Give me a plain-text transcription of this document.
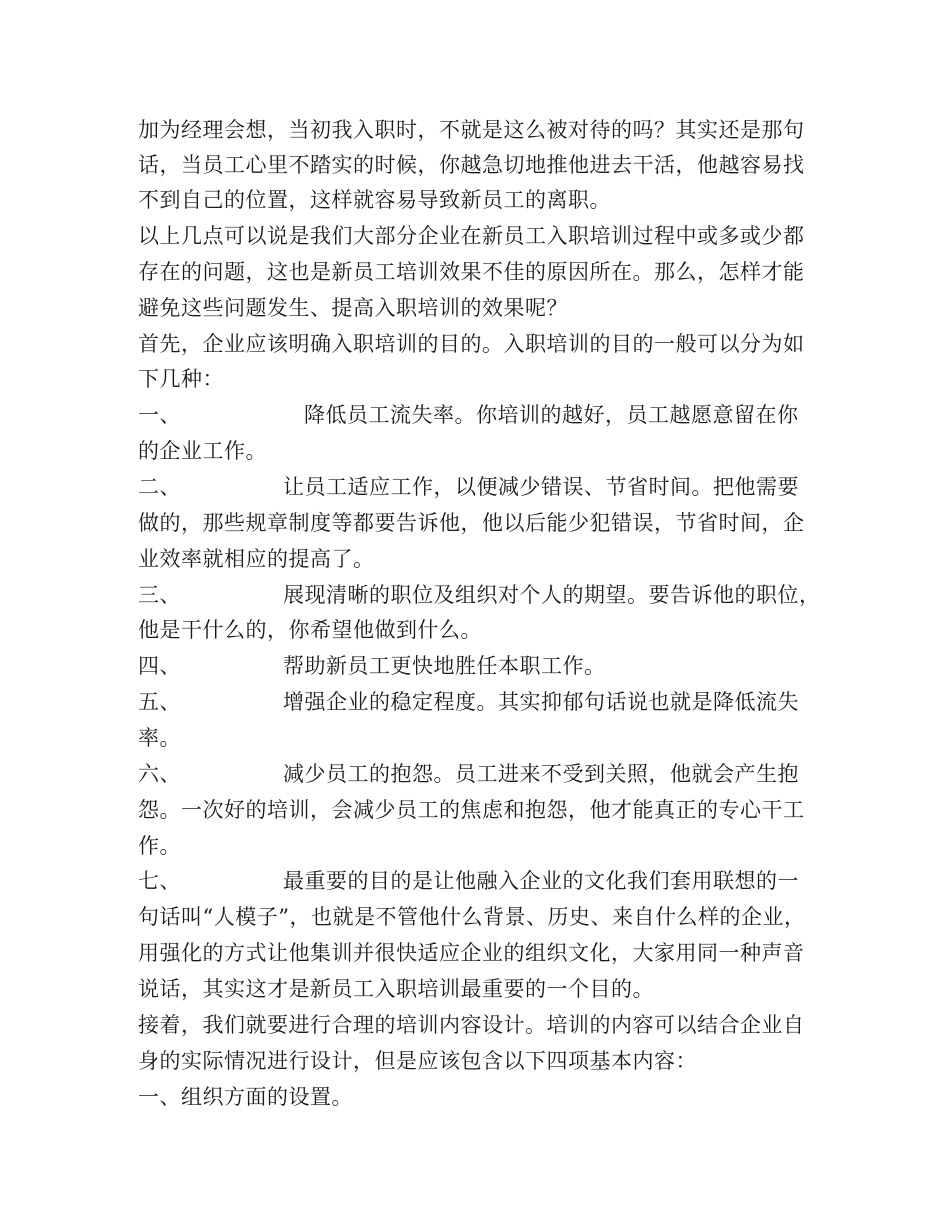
加为经理会想，当初我入职时，不就是这么被对待的吗？其实还是那句
话，当员工心里不踏实的时候，你越急切地推他进去干活，他越容易找
不到自己的位置，这样就容易导致新员工的离职。
以上几点可以说是我们大部分企业在新员工入职培训过程中或多或少都
存在的问题，这也是新员工培训效果不佳的原因所在。那么，怎样才能
避免这些问题发生、提高入职培训的效果呢？
首先，企业应该明确入职培训的目的。入职培训的目的一般可以分为如
下几种：
一、	降低员工流失率。你培训的越好，员工越愿意留在你
的企业工作。
二、	让员工适应工作，以便减少错误、节省时间。把他需要
做的，那些规章制度等都要告诉他，他以后能少犯错误，节省时间，企
业效率就相应的提高了。
三、	展现清晰的职位及组织对个人的期望。要告诉他的职位，
他是干什么的，你希望他做到什么。
四、	帮助新员工更快地胜任本职工作。
五、	增强企业的稳定程度。其实抑郁句话说也就是降低流失
率。
六、	减少员工的抱怨。员工进来不受到关照，他就会产生抱
怨。一次好的培训，会减少员工的焦虑和抱怨，他才能真正的专心干工
作。
七、	最重要的目的是让他融入企业的文化我们套用联想的一
句话叫“人模子”，也就是不管他什么背景、历史、来自什么样的企业，
用强化的方式让他集训并很快适应企业的组织文化，大家用同一种声音
说话，其实这才是新员工入职培训最重要的一个目的。
接着，我们就要进行合理的培训内容设计。培训的内容可以结合企业自
身的实际情况进行设计，但是应该包含以下四项基本内容：
一、组织方面的设置。
